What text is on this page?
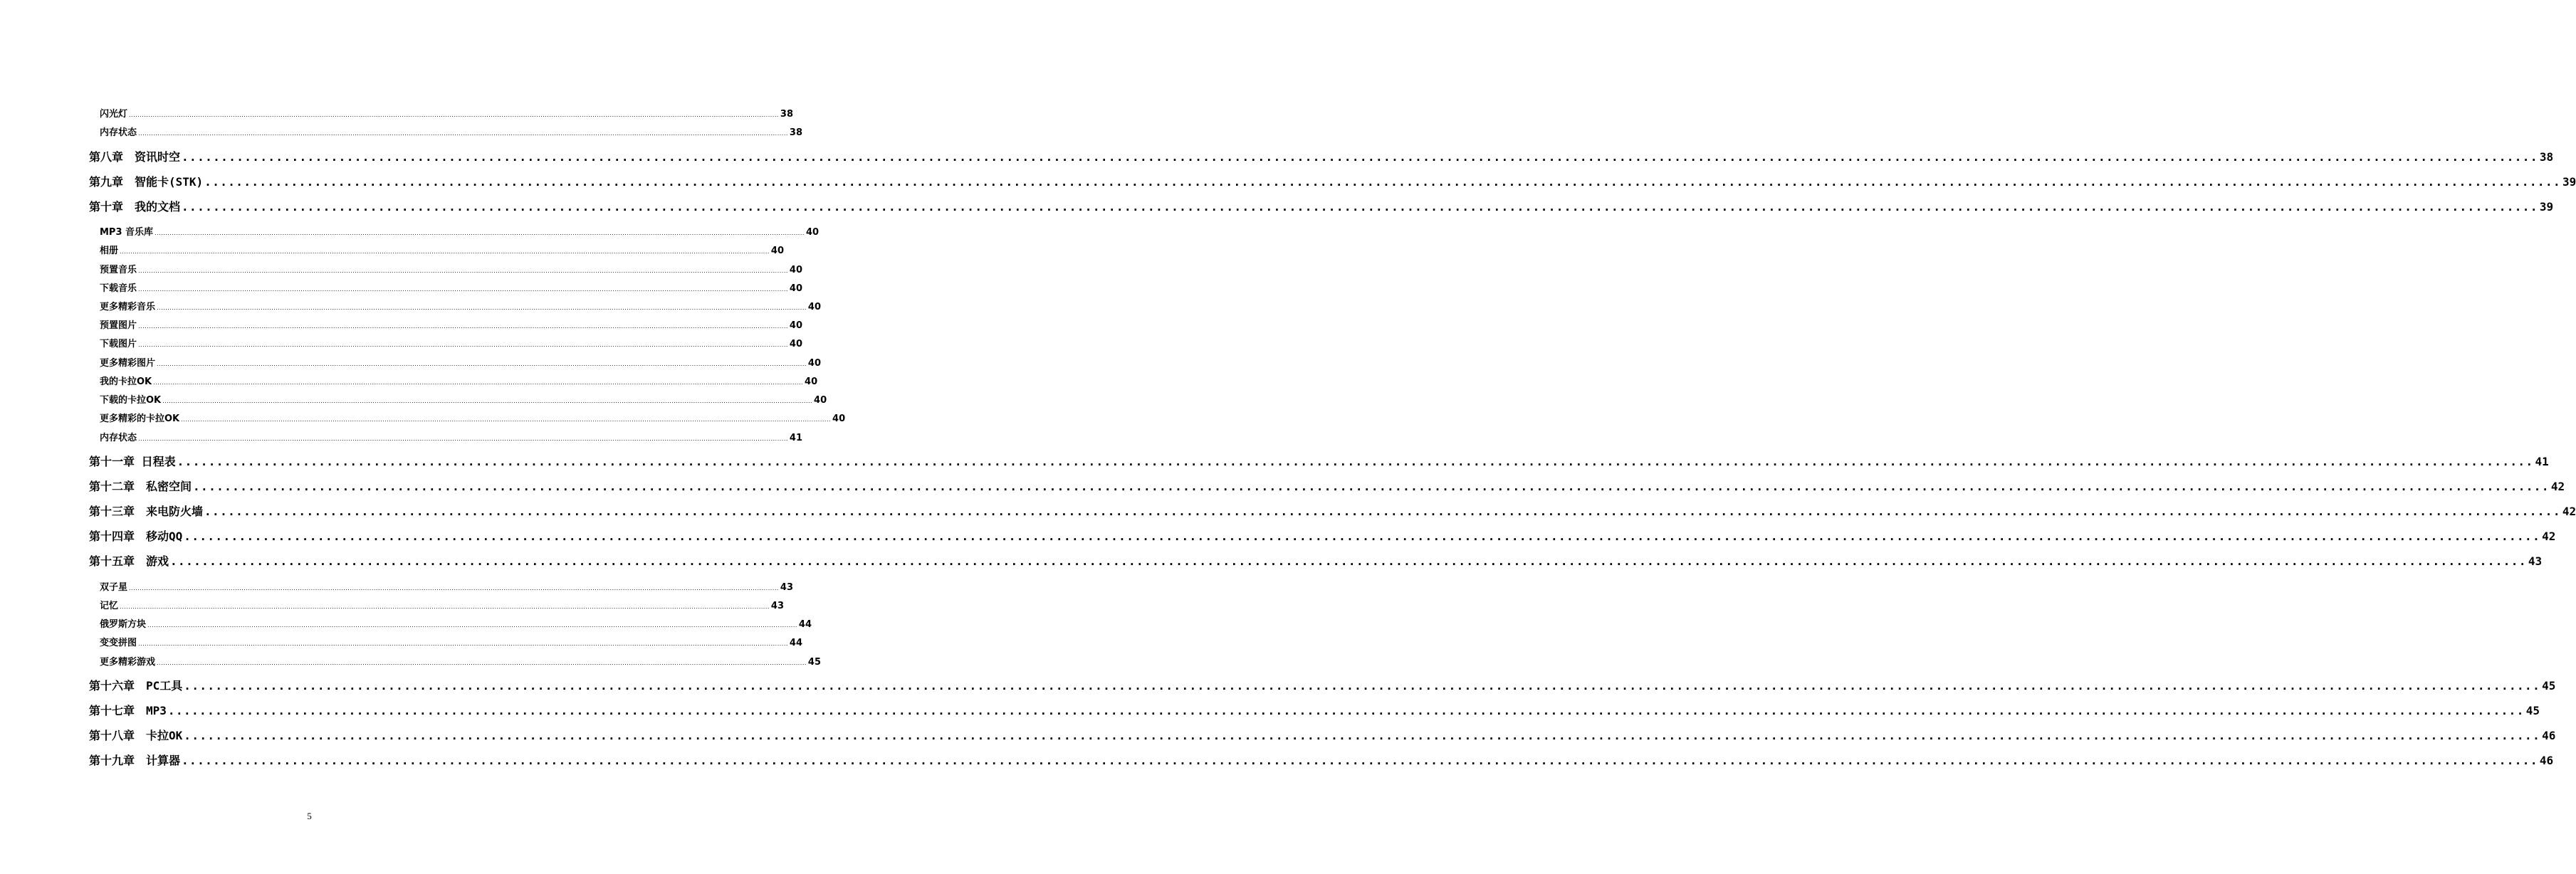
闪光灯 ............................................................................................................................................................................................................................................................................................................ 38
内存状态 ............................................................................................................................................................................................................................................................................................................ 38
第八章　资讯时空 ............................................................................................................................................................................................................................................................................................................ 38
第九章　智能卡(STK) ............................................................................................................................................................................................................................................................................................................ 39
第十章　我的文档 ............................................................................................................................................................................................................................................................................................................ 39
MP3 音乐库 ............................................................................................................................................................................................................................................................................................................ 40
相册 ............................................................................................................................................................................................................................................................................................................ 40
预置音乐 ............................................................................................................................................................................................................................................................................................................ 40
下载音乐 ............................................................................................................................................................................................................................................................................................................ 40
更多精彩音乐 ............................................................................................................................................................................................................................................................................................................ 40
预置图片 ............................................................................................................................................................................................................................................................................................................ 40
下载图片 ............................................................................................................................................................................................................................................................................................................ 40
更多精彩图片 ............................................................................................................................................................................................................................................................................................................ 40
我的卡拉OK ............................................................................................................................................................................................................................................................................................................ 40
下载的卡拉OK ............................................................................................................................................................................................................................................................................................................ 40
更多精彩的卡拉OK ............................................................................................................................................................................................................................................................................................................ 40
内存状态 ............................................................................................................................................................................................................................................................................................................ 41
第十一章 日程表 ............................................................................................................................................................................................................................................................................................................ 41
第十二章　私密空间 ............................................................................................................................................................................................................................................................................................................ 42
第十三章　来电防火墙 ............................................................................................................................................................................................................................................................................................................ 42
第十四章　移动QQ ............................................................................................................................................................................................................................................................................................................ 42
第十五章　游戏 ............................................................................................................................................................................................................................................................................................................ 43
双子星 ............................................................................................................................................................................................................................................................................................................ 43
记忆 ............................................................................................................................................................................................................................................................................................................ 43
俄罗斯方块 ............................................................................................................................................................................................................................................................................................................ 44
变变拼图 ............................................................................................................................................................................................................................................................................................................ 44
更多精彩游戏 ............................................................................................................................................................................................................................................................................................................ 45
第十六章　PC工具 ............................................................................................................................................................................................................................................................................................................ 45
第十七章　MP3 ............................................................................................................................................................................................................................................................................................................ 45
第十八章　卡拉OK ............................................................................................................................................................................................................................................................................................................ 46
第十九章　计算器 ............................................................................................................................................................................................................................................................................................................ 46
5
